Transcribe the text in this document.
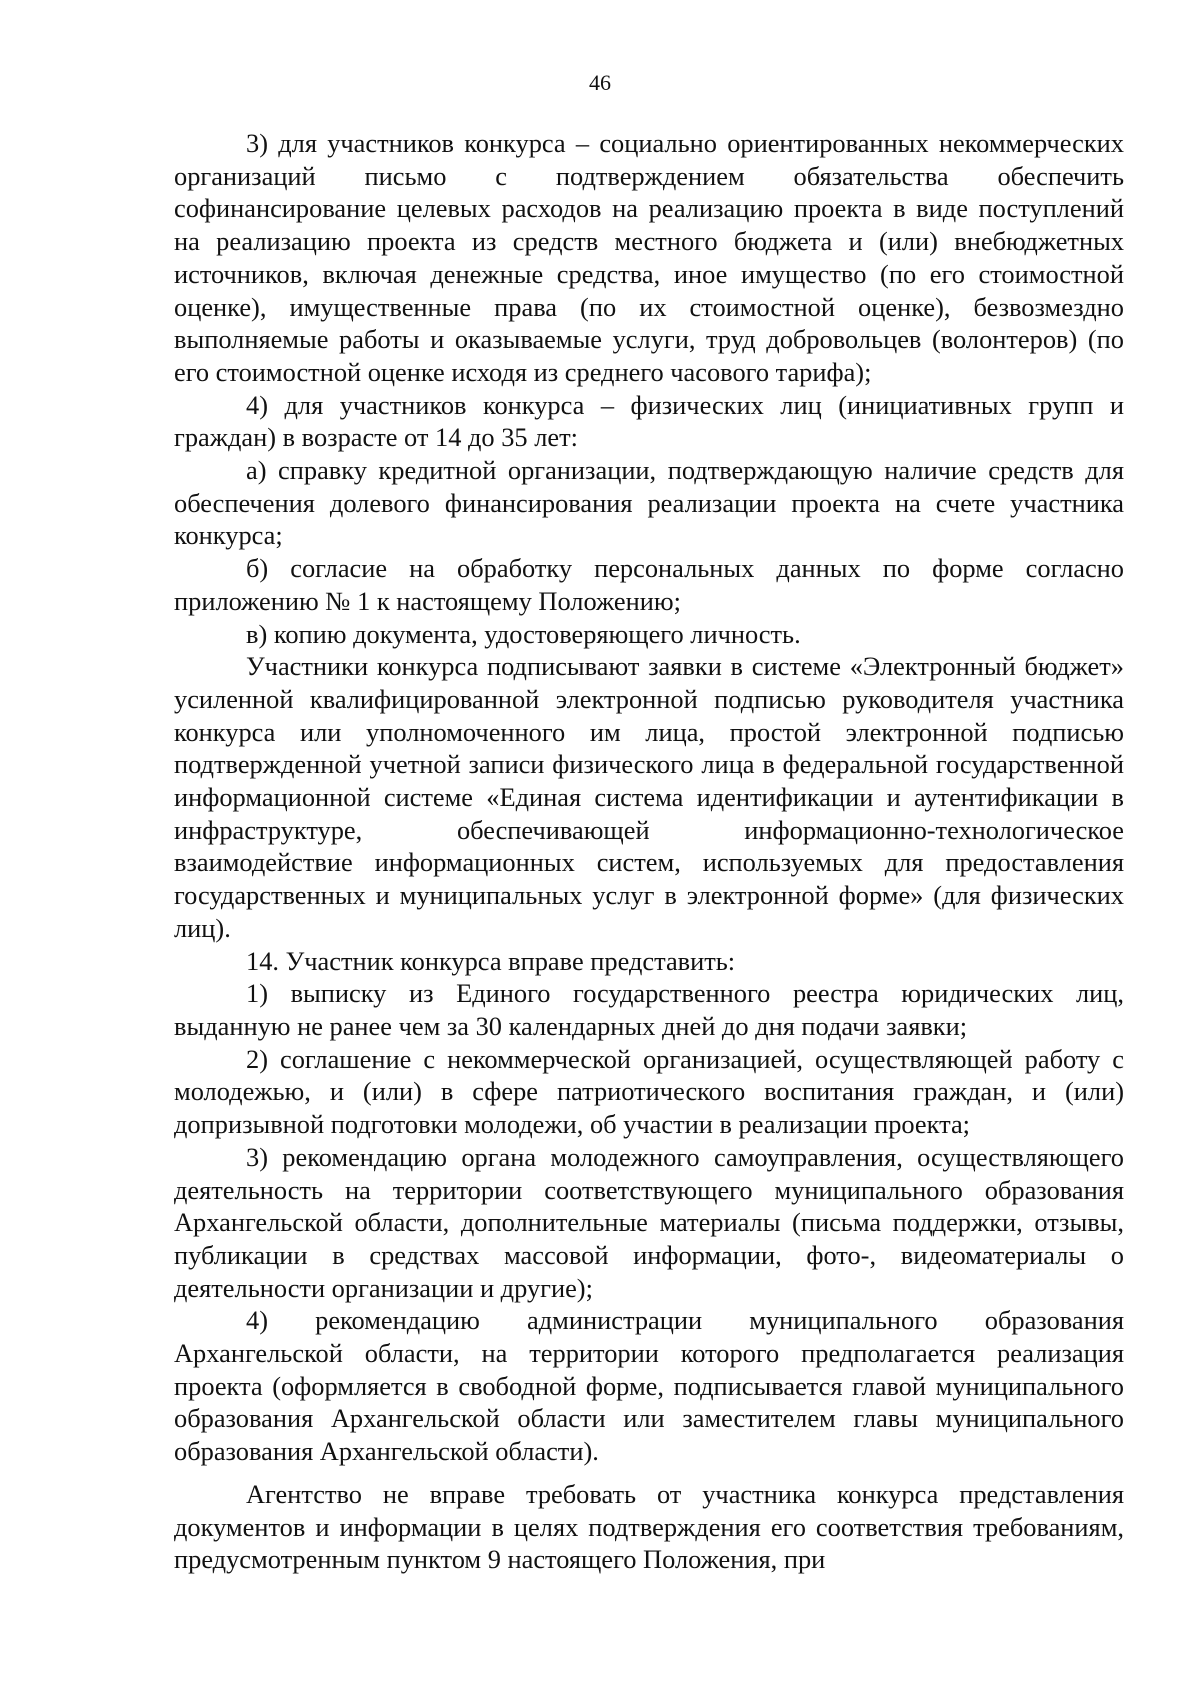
46

3) для участников конкурса – социально ориентированных некоммерческих организаций письмо с подтверждением обязательства обеспечить софинансирование целевых расходов на реализацию проекта в виде поступлений на реализацию проекта из средств местного бюджета и (или) внебюджетных источников, включая денежные средства, иное имущество (по его стоимостной оценке), имущественные права (по их стоимостной оценке), безвозмездно выполняемые работы и оказываемые услуги, труд добровольцев (волонтеров) (по его стоимостной оценке исходя из среднего часового тарифа);

4) для участников конкурса – физических лиц (инициативных групп и граждан) в возрасте от 14 до 35 лет:

а) справку кредитной организации, подтверждающую наличие средств для обеспечения долевого финансирования реализации проекта на счете участника конкурса;

б) согласие на обработку персональных данных по форме согласно приложению № 1 к настоящему Положению;

в) копию документа, удостоверяющего личность.

Участники конкурса подписывают заявки в системе «Электронный бюджет» усиленной квалифицированной электронной подписью руководителя участника конкурса или уполномоченного им лица, простой электронной подписью подтвержденной учетной записи физического лица в федеральной государственной информационной системе «Единая система идентификации и аутентификации в инфраструктуре, обеспечивающей информационно-технологическое взаимодействие информационных систем, используемых для предоставления государственных и муниципальных услуг в электронной форме» (для физических лиц).

14. Участник конкурса вправе представить:

1) выписку из Единого государственного реестра юридических лиц, выданную не ранее чем за 30 календарных дней до дня подачи заявки;

2) соглашение с некоммерческой организацией, осуществляющей работу с молодежью, и (или) в сфере патриотического воспитания граждан, и (или) допризывной подготовки молодежи, об участии в реализации проекта;

3) рекомендацию органа молодежного самоуправления, осуществляющего деятельность на территории соответствующего муниципального образования Архангельской области, дополнительные материалы (письма поддержки, отзывы, публикации в средствах массовой информации, фото-, видеоматериалы о деятельности организации и другие);

4) рекомендацию администрации муниципального образования Архангельской области, на территории которого предполагается реализация проекта (оформляется в свободной форме, подписывается главой муниципального образования Архангельской области или заместителем главы муниципального образования Архангельской области).

Агентство не вправе требовать от участника конкурса представления документов и информации в целях подтверждения его соответствия требованиям, предусмотренным пунктом 9 настоящего Положения, при
